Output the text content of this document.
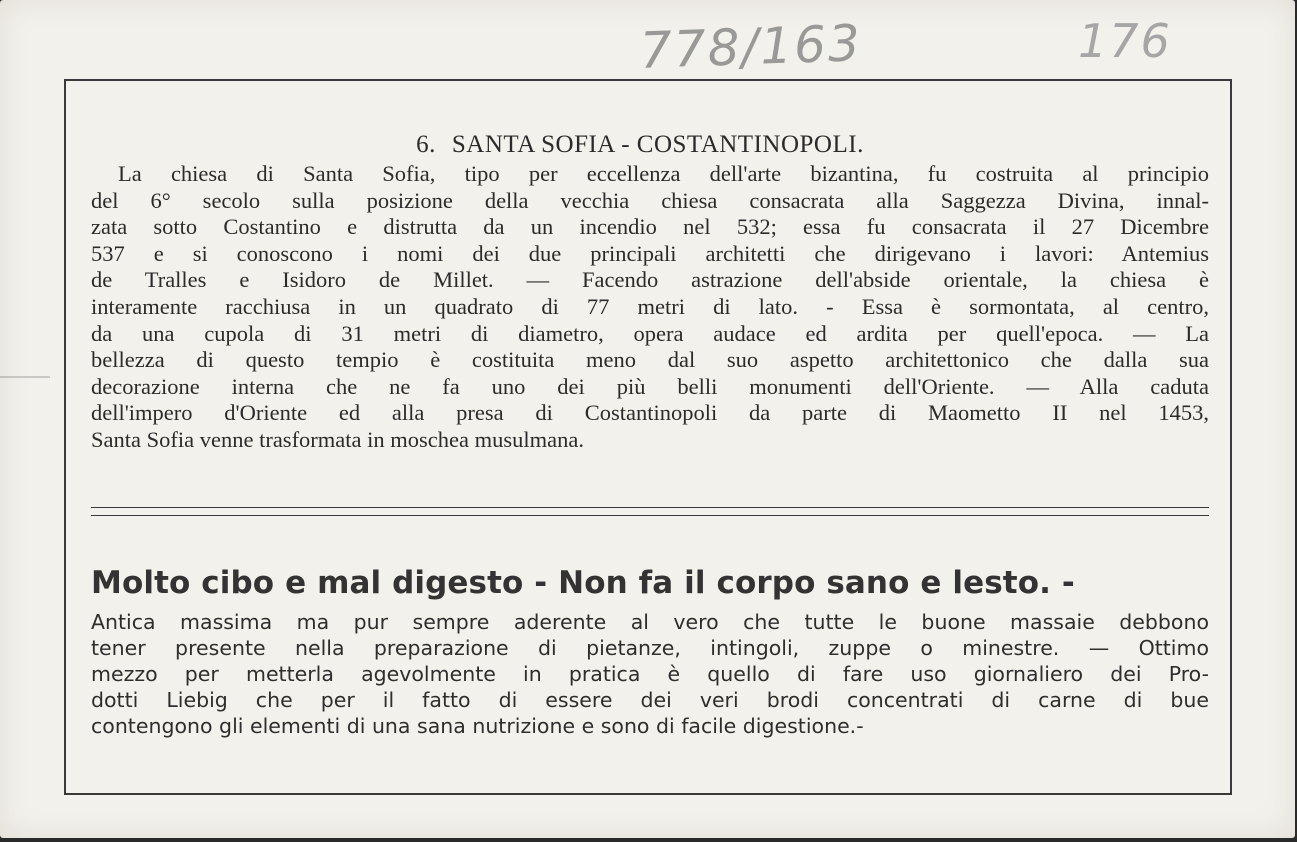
778/163	176
6. SANTA SOFIA - COSTANTINOPOLI.
La chiesa di Santa Sofia, tipo per eccellenza dell'arte bizantina, fu costruita al principio
del 6° secolo sulla posizione della vecchia chiesa consacrata alla Saggezza Divina, innal-
zata sotto Costantino e distrutta da un incendio nel 532; essa fu consacrata il 27 Dicembre
537 e si conoscono i nomi dei due principali architetti che dirigevano i lavori: Antemius
de Tralles e Isidoro de Millet. — Facendo astrazione dell'abside orientale, la chiesa è
interamente racchiusa in un quadrato di 77 metri di lato. - Essa è sormontata, al centro,
da una cupola di 31 metri di diametro, opera audace ed ardita per quell'epoca. — La
bellezza di questo tempio è costituita meno dal suo aspetto architettonico che dalla sua
decorazione interna che ne fa uno dei più belli monumenti dell'Oriente. — Alla caduta
dell'impero d'Oriente ed alla presa di Costantinopoli da parte di Maometto II nel 1453,
Santa Sofia venne trasformata in moschea musulmana.
Molto cibo e mal digesto - Non fa il corpo sano e lesto. -
Antica massima ma pur sempre aderente al vero che tutte le buone massaie debbono
tener presente nella preparazione di pietanze, intingoli, zuppe o minestre. — Ottimo
mezzo per metterla agevolmente in pratica è quello di fare uso giornaliero dei Pro-
dotti Liebig che per il fatto di essere dei veri brodi concentrati di carne di bue
contengono gli elementi di una sana nutrizione e sono di facile digestione.-
